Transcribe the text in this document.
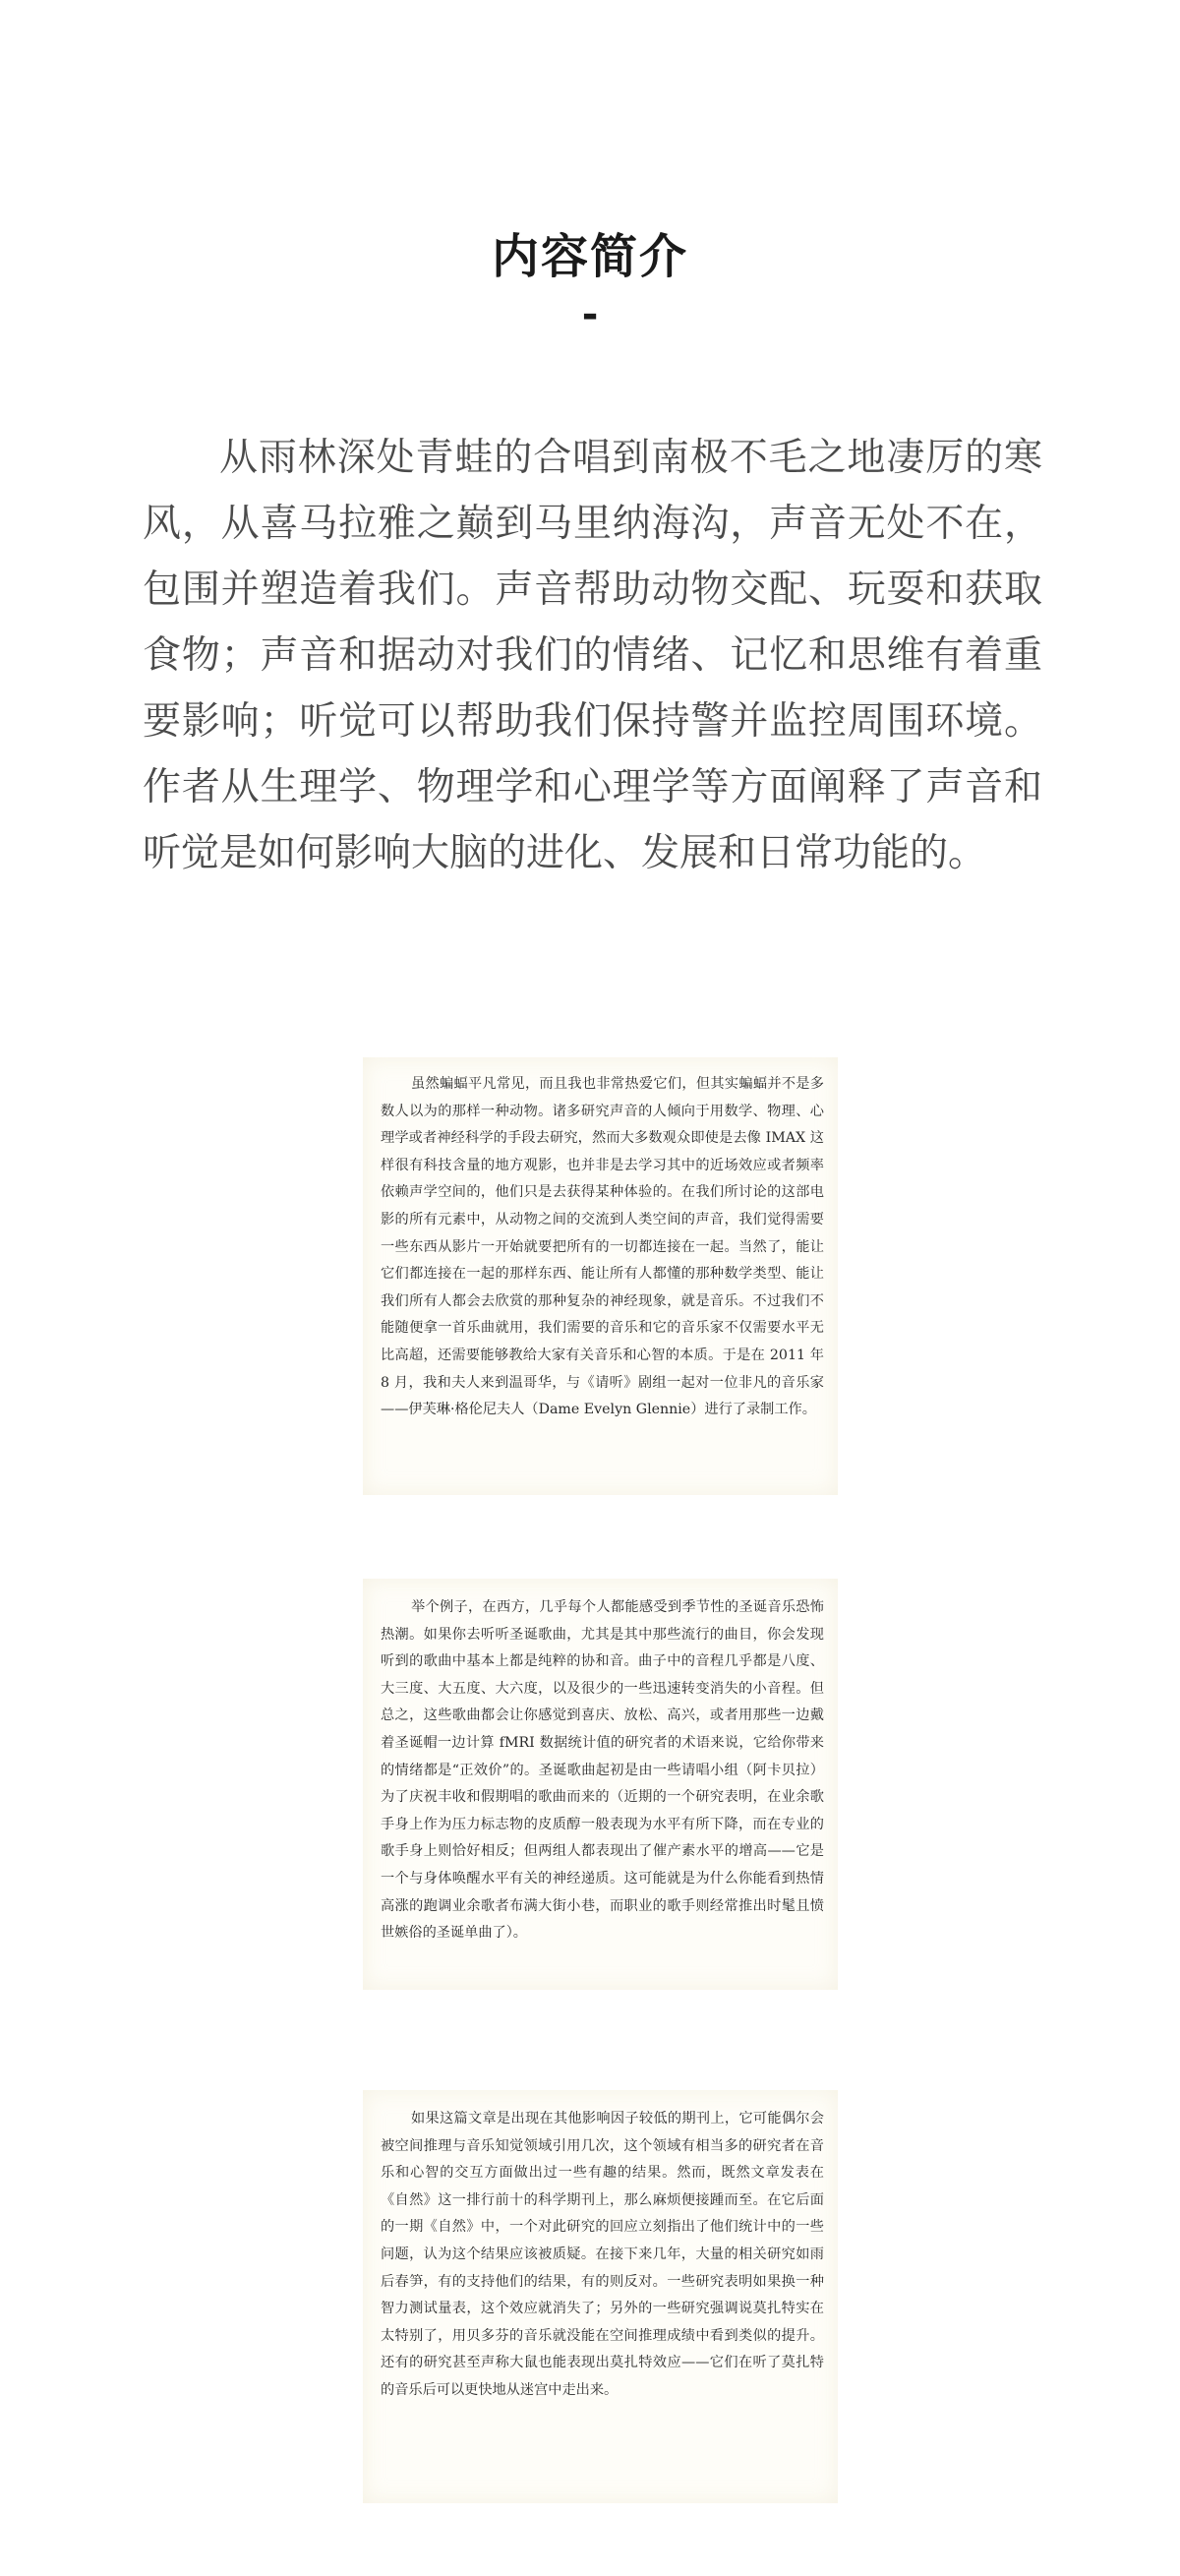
内容简介
-

从雨林深处青蛙的合唱到南极不毛之地凄厉的寒风，从喜马拉雅之巅到马里纳海沟，声音无处不在，包围并塑造着我们。声音帮助动物交配、玩耍和获取食物；声音和据动对我们的情绪、记忆和思维有着重要影响；听觉可以帮助我们保持警并监控周围环境。作者从生理学、物理学和心理学等方面阐释了声音和听觉是如何影响大脑的进化、发展和日常功能的。

虽然蝙蝠平凡常见，而且我也非常热爱它们，但其实蝙蝠并不是多数人以为的那样一种动物。诸多研究声音的人倾向于用数学、物理、心理学或者神经科学的手段去研究，然而大多数观众即使是去像 IMAX 这样很有科技含量的地方观影，也并非是去学习其中的近场效应或者频率依赖声学空间的，他们只是去获得某种体验的。在我们所讨论的这部电影的所有元素中，从动物之间的交流到人类空间的声音，我们觉得需要一些东西从影片一开始就要把所有的一切都连接在一起。当然了，能让它们都连接在一起的那样东西、能让所有人都懂的那种数学类型、能让我们所有人都会去欣赏的那种复杂的神经现象，就是音乐。不过我们不能随便拿一首乐曲就用，我们需要的音乐和它的音乐家不仅需要水平无比高超，还需要能够教给大家有关音乐和心智的本质。于是在 2011 年 8 月，我和夫人来到温哥华，与《请听》剧组一起对一位非凡的音乐家——伊芙琳·格伦尼夫人（Dame Evelyn Glennie）进行了录制工作。

举个例子，在西方，几乎每个人都能感受到季节性的圣诞音乐恐怖热潮。如果你去听听圣诞歌曲，尤其是其中那些流行的曲目，你会发现听到的歌曲中基本上都是纯粹的协和音。曲子中的音程几乎都是八度、大三度、大五度、大六度，以及很少的一些迅速转变消失的小音程。但总之，这些歌曲都会让你感觉到喜庆、放松、高兴，或者用那些一边戴着圣诞帽一边计算 fMRI 数据统计值的研究者的术语来说，它给你带来的情绪都是“正效价”的。圣诞歌曲起初是由一些请唱小组（阿卡贝拉）为了庆祝丰收和假期唱的歌曲而来的（近期的一个研究表明，在业余歌手身上作为压力标志物的皮质醇一般表现为水平有所下降，而在专业的歌手身上则恰好相反；但两组人都表现出了催产素水平的增高——它是一个与身体唤醒水平有关的神经递质。这可能就是为什么你能看到热情高涨的跑调业余歌者布满大街小巷，而职业的歌手则经常推出时髦且愤世嫉俗的圣诞单曲了）。

如果这篇文章是出现在其他影响因子较低的期刊上，它可能偶尔会被空间推理与音乐知觉领域引用几次，这个领域有相当多的研究者在音乐和心智的交互方面做出过一些有趣的结果。然而，既然文章发表在《自然》这一排行前十的科学期刊上，那么麻烦便接踵而至。在它后面的一期《自然》中，一个对此研究的回应立刻指出了他们统计中的一些问题，认为这个结果应该被质疑。在接下来几年，大量的相关研究如雨后春笋，有的支持他们的结果，有的则反对。一些研究表明如果换一种智力测试量表，这个效应就消失了；另外的一些研究强调说莫扎特实在太特别了，用贝多芬的音乐就没能在空间推理成绩中看到类似的提升。还有的研究甚至声称大鼠也能表现出莫扎特效应——它们在听了莫扎特的音乐后可以更快地从迷宫中走出来。
